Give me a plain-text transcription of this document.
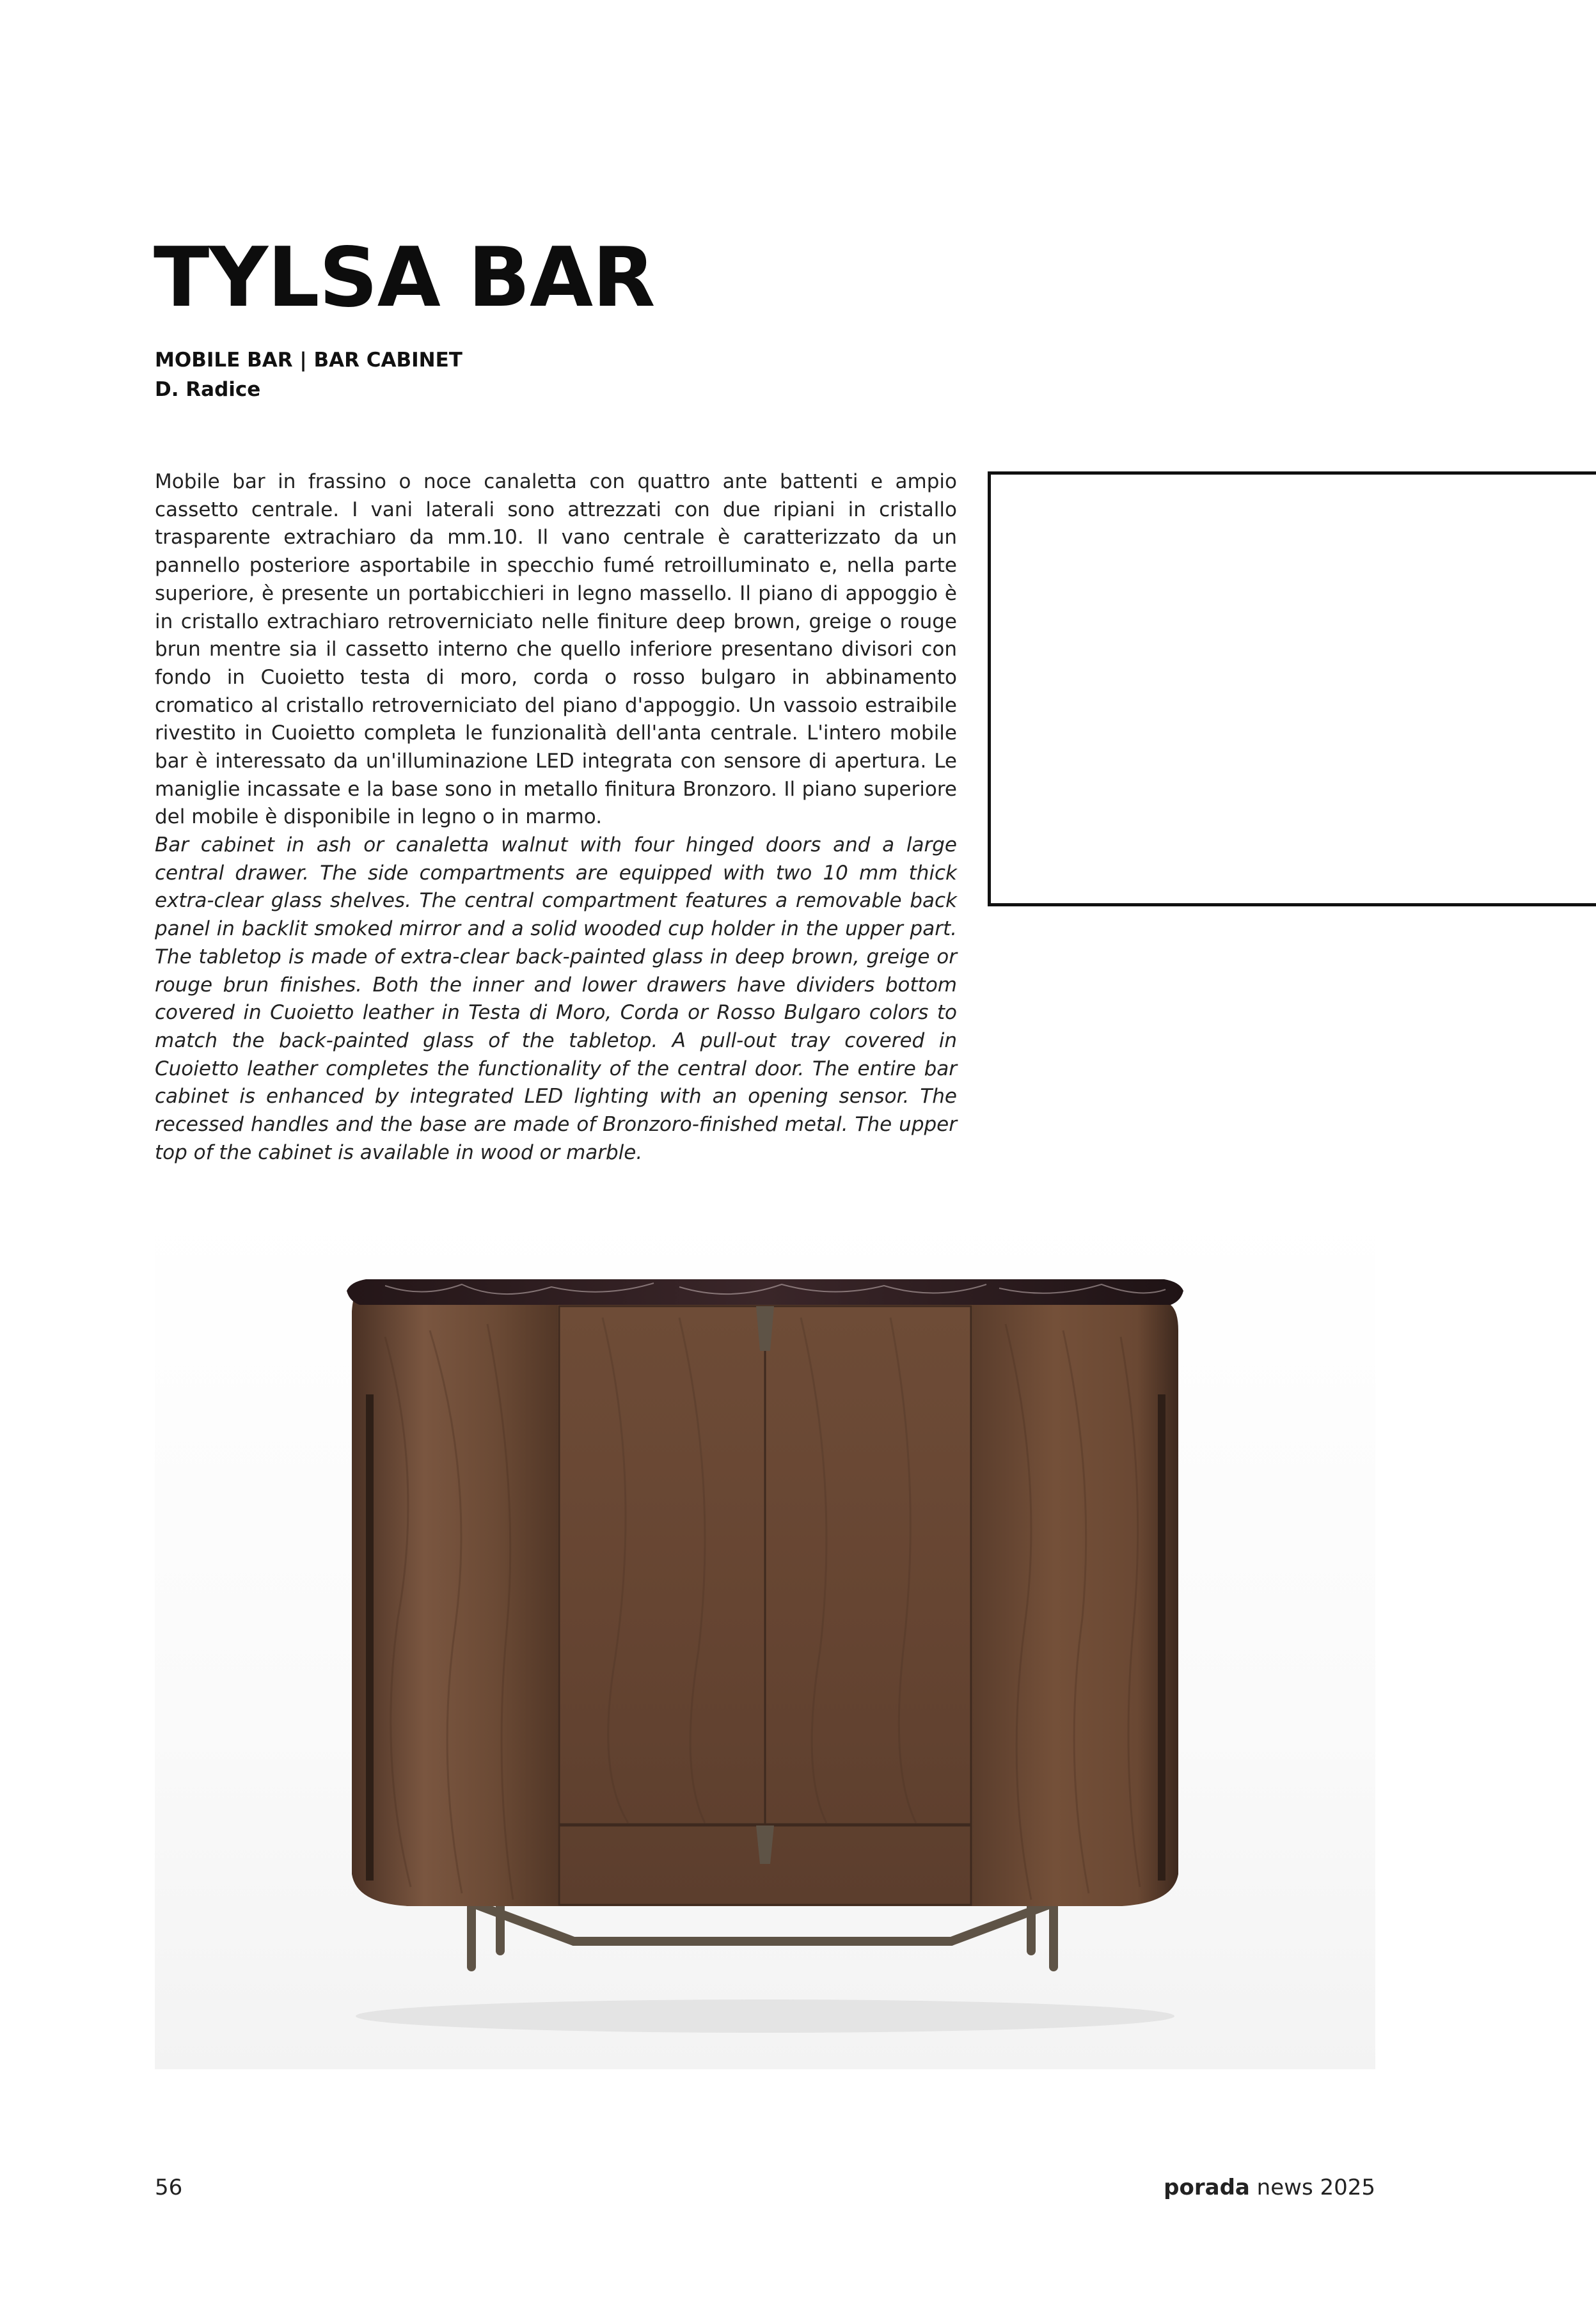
TYLSA BAR
MOBILE BAR | BAR CABINET
D. Radice

Mobile bar in frassino o noce canaletta con quattro ante battenti e ampio cassetto centrale. I vani laterali sono attrezzati con due ripiani in cristallo trasparente extrachiaro da mm.10. Il vano centrale è caratterizzato da un pannello posteriore asportabile in specchio fumé retroilluminato e, nella parte superiore, è presente un portabicchieri in legno massello. Il piano di appoggio è in cristallo extrachiaro retroverniciato nelle finiture deep brown, greige o rouge brun mentre sia il cassetto interno che quello inferiore presentano divisori con fondo in Cuoietto testa di moro, corda o rosso bulgaro in abbinamento cromatico al cristallo retroverniciato del piano d'appoggio. Un vassoio estraibile rivestito in Cuoietto completa le funzionalità dell'anta centrale. L'intero mobile bar è interessato da un'illuminazione LED integrata con sensore di apertura. Le maniglie incassate e la base sono in metallo finitura Bronzoro. Il piano superiore del mobile è disponibile in legno o in marmo.

Bar cabinet in ash or canaletta walnut with four hinged doors and a large central drawer. The side compartments are equipped with two 10 mm thick extra-clear glass shelves. The central compartment features a removable back panel in backlit smoked mirror and a solid wooded cup holder in the upper part. The tabletop is made of extra-clear back-painted glass in deep brown, greige or rouge brun finishes. Both the inner and lower drawers have dividers bottom covered in Cuoietto leather in Testa di Moro, Corda or Rosso Bulgaro colors to match the back-painted glass of the tabletop. A pull-out tray covered in Cuoietto leather completes the functionality of the central door. The entire bar cabinet is enhanced by integrated LED lighting with an opening sensor. The recessed handles and the base are made of Bronzoro-finished metal. The upper top of the cabinet is available in wood or marble.

56	porada news 2025
